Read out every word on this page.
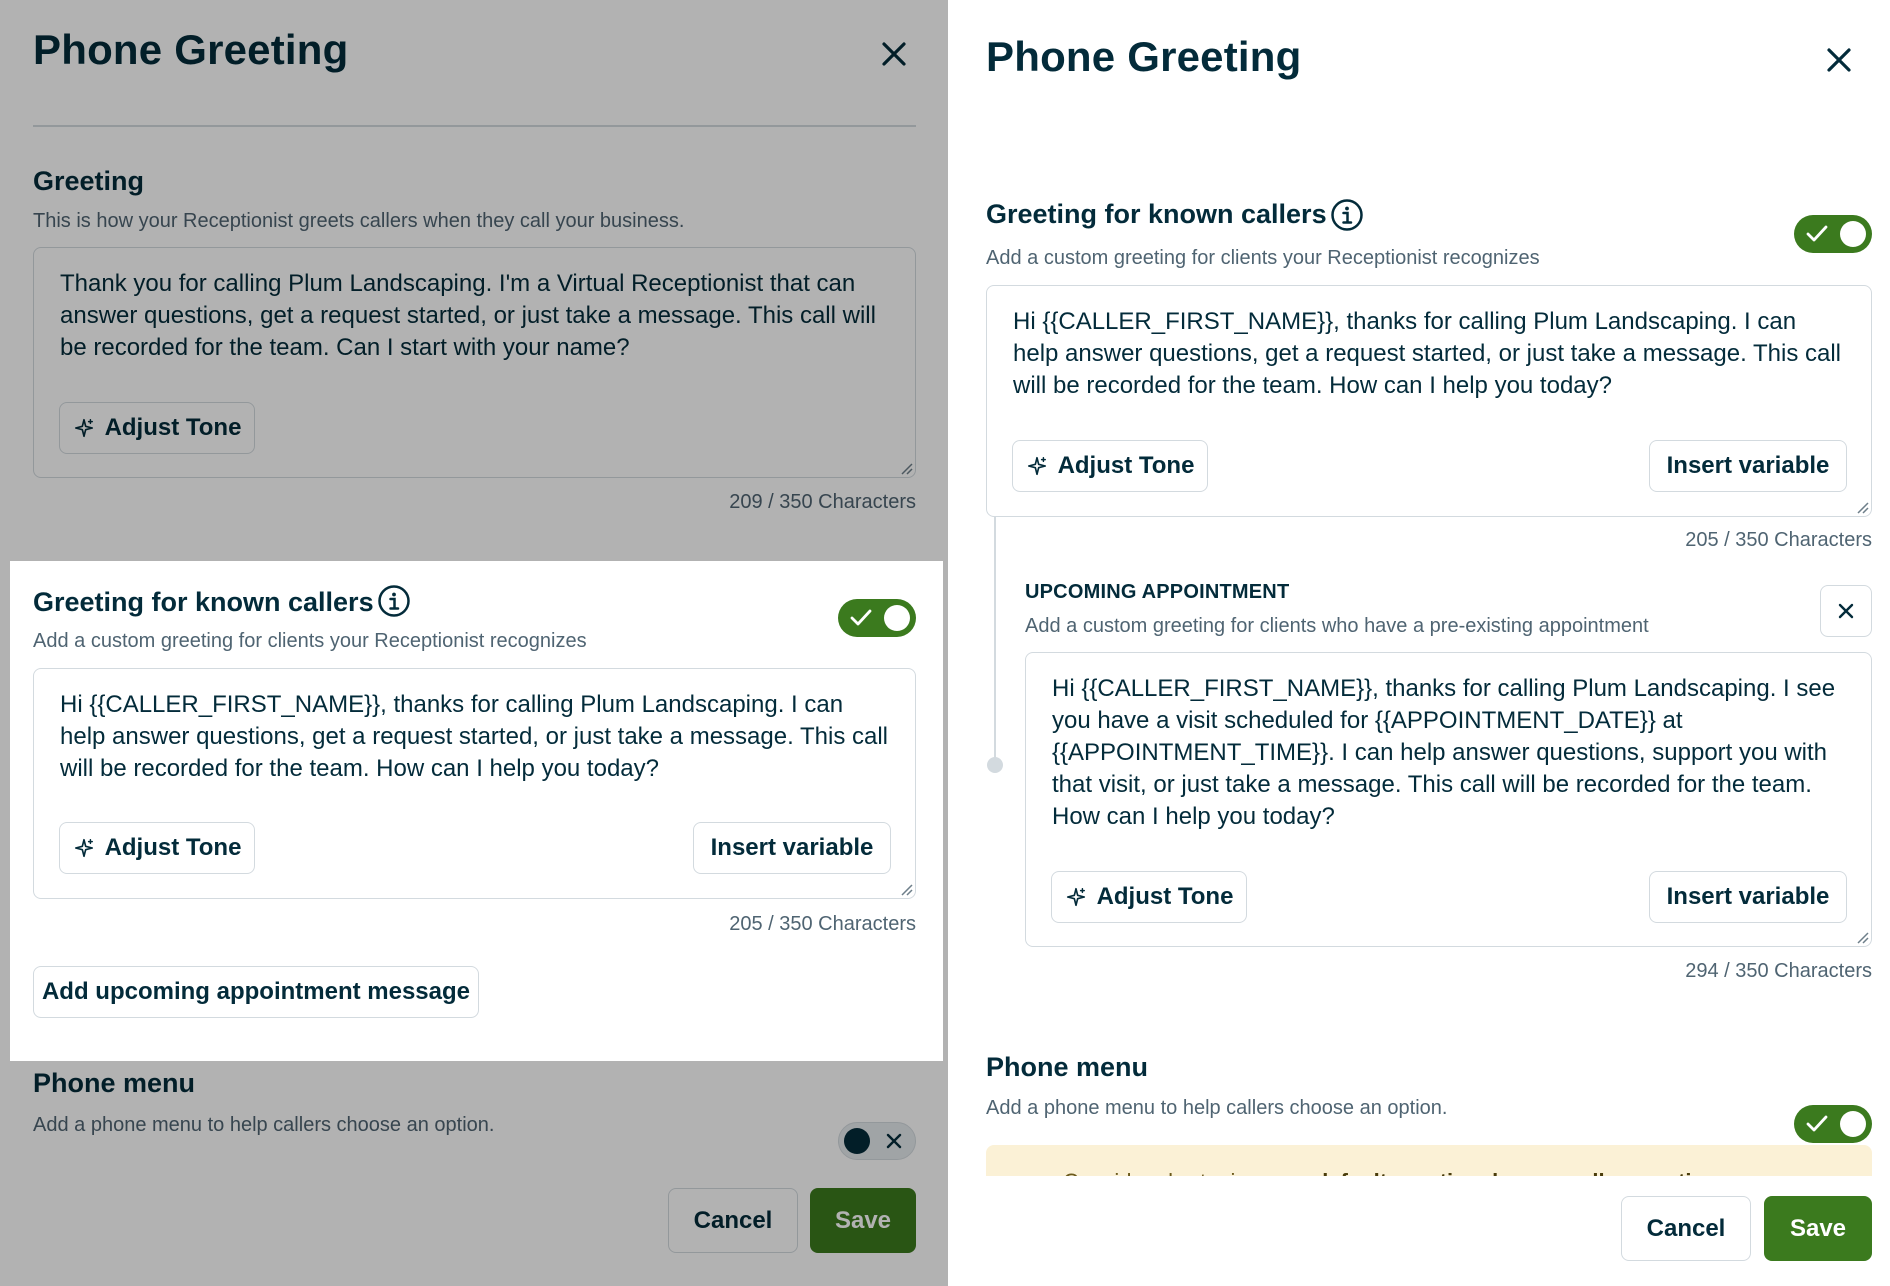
Phone Greeting
Greeting
This is how your Receptionist greets callers when they call your business.
Thank you for calling Plum Landscaping. I'm a Virtual Receptionist that can answer questions, get a request started, or just take a message. This call will be recorded for the team. Can I start with your name?
Adjust Tone
209 / 350 Characters
Greeting for known callers
Add a custom greeting for clients your Receptionist recognizes
Hi {{CALLER_FIRST_NAME}}, thanks for calling Plum Landscaping. I can help answer questions, get a request started, or just take a message. This call will be recorded for the team. How can I help you today?
Adjust Tone	Insert variable
205 / 350 Characters
Add upcoming appointment message
Phone menu
Add a phone menu to help callers choose an option.
Cancel	Save
Phone Greeting
Greeting for known callers
Add a custom greeting for clients your Receptionist recognizes
Hi {{CALLER_FIRST_NAME}}, thanks for calling Plum Landscaping. I can help answer questions, get a request started, or just take a message. This call will be recorded for the team. How can I help you today?
Adjust Tone	Insert variable
205 / 350 Characters
UPCOMING APPOINTMENT
Add a custom greeting for clients who have a pre-existing appointment
Hi {{CALLER_FIRST_NAME}}, thanks for calling Plum Landscaping. I see you have a visit scheduled for {{APPOINTMENT_DATE}} at {{APPOINTMENT_TIME}}. I can help answer questions, support you with that visit, or just take a message. This call will be recorded for the team. How can I help you today?
Adjust Tone	Insert variable
294 / 350 Characters
Phone menu
Add a phone menu to help callers choose an option.
Cancel	Save
